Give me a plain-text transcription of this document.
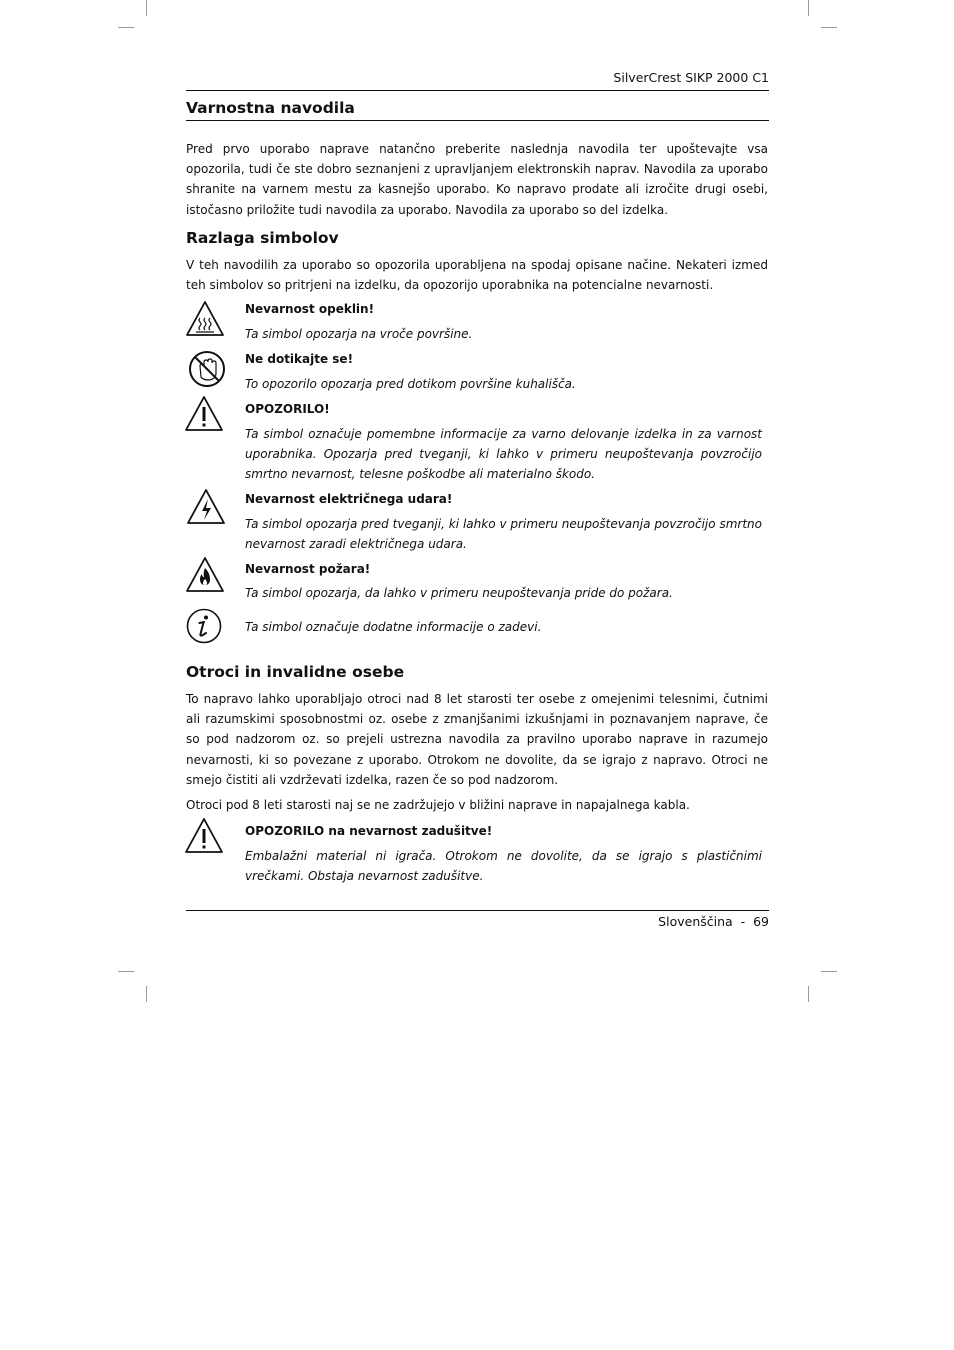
SilverCrest SIKP 2000 C1
Varnostna navodila

Pred prvo uporabo naprave natančno preberite naslednja navodila ter upoštevajte vsa opozorila, tudi če ste dobro seznanjeni z upravljanjem elektronskih naprav. Navodila za uporabo shranite na varnem mestu za kasnejšo uporabo. Ko napravo prodate ali izročite drugi osebi, istočasno priložite tudi navodila za uporabo. Navodila za uporabo so del izdelka.

Razlaga simbolov

V teh navodilih za uporabo so opozorila uporabljena na spodaj opisane načine. Nekateri izmed teh simbolov so pritrjeni na izdelku, da opozorijo uporabnika na potencialne nevarnosti.

Nevarnost opeklin!

Ta simbol opozarja na vroče površine.

Ne dotikajte se!

To opozorilo opozarja pred dotikom površine kuhališča.

OPOZORILO!

Ta simbol označuje pomembne informacije za varno delovanje izdelka in za varnost uporabnika. Opozarja pred tveganji, ki lahko v primeru neupoštevanja povzročijo smrtno nevarnost, telesne poškodbe ali materialno škodo.

Nevarnost električnega udara!

Ta simbol opozarja pred tveganji, ki lahko v primeru neupoštevanja povzročijo smrtno nevarnost zaradi električnega udara.

Nevarnost požara!

Ta simbol opozarja, da lahko v primeru neupoštevanja pride do požara.

Ta simbol označuje dodatne informacije o zadevi.

Otroci in invalidne osebe

To napravo lahko uporabljajo otroci nad 8 let starosti ter osebe z omejenimi telesnimi, čutnimi ali razumskimi sposobnostmi oz. osebe z zmanjšanimi izkušnjami in poznavanjem naprave, če so pod nadzorom oz. so prejeli ustrezna navodila za pravilno uporabo naprave in razumejo nevarnosti, ki so povezane z uporabo. Otrokom ne dovolite, da se igrajo z napravo. Otroci ne smejo čistiti ali vzdrževati izdelka, razen če so pod nadzorom.

Otroci pod 8 leti starosti naj se ne zadržujejo v bližini naprave in napajalnega kabla.

OPOZORILO na nevarnost zadušitve!

Embalažni material ni igrača. Otrokom ne dovolite, da se igrajo s plastičnimi vrečkami. Obstaja nevarnost zadušitve.

Slovenščina  -  69
